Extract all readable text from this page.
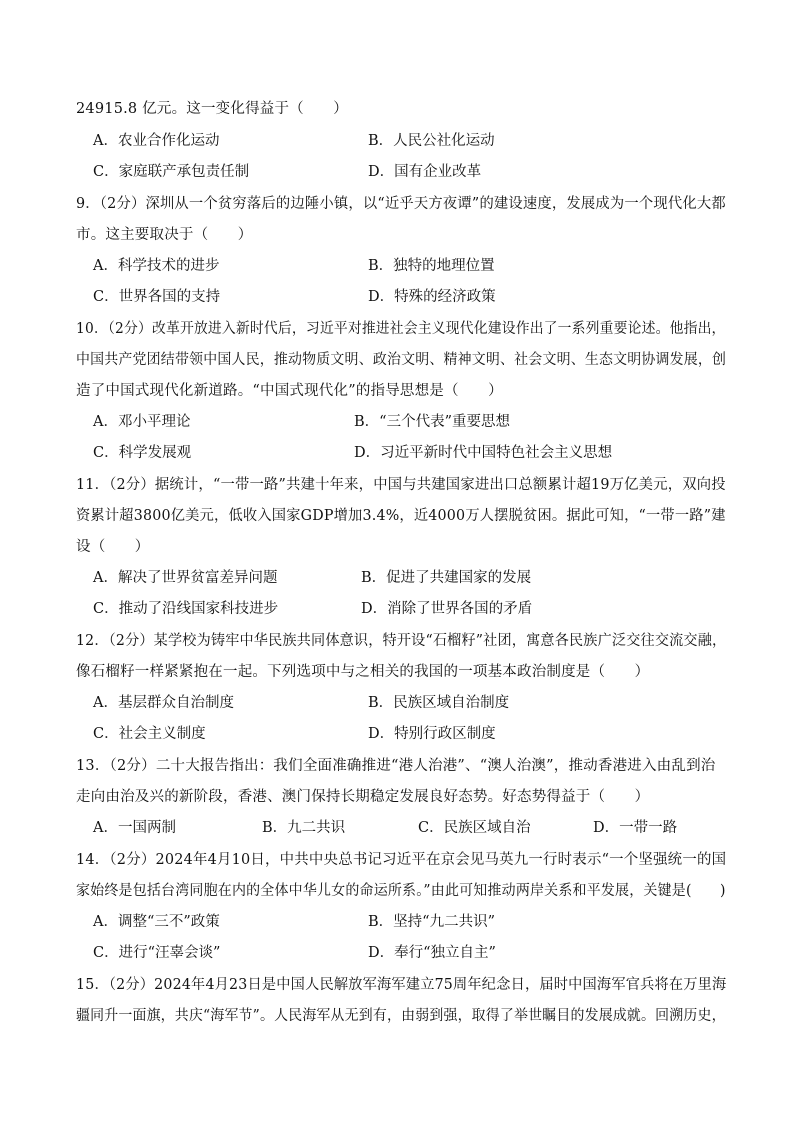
24915.8 亿元。这一变化得益于（　　）
A．农业合作化运动	B．人民公社化运动
C．家庭联产承包责任制	D．国有企业改革
9．（2分）深圳从一个贫穷落后的边陲小镇，以“近乎天方夜谭”的建设速度，发展成为一个现代化大都
市。这主要取决于（　　）
A．科学技术的进步	B．独特的地理位置
C．世界各国的支持	D．特殊的经济政策
10．（2分）改革开放进入新时代后，习近平对推进社会主义现代化建设作出了一系列重要论述。他指出，
中国共产党团结带领中国人民，推动物质文明、政治文明、精神文明、社会文明、生态文明协调发展，创
造了中国式现代化新道路。“中国式现代化”的指导思想是（　　）
A．邓小平理论	B．“三个代表”重要思想
C．科学发展观	D．习近平新时代中国特色社会主义思想
11．（2分）据统计，“一带一路”共建十年来，中国与共建国家进出口总额累计超19万亿美元，双向投
资累计超3800亿美元，低收入国家GDP增加3.4%，近4000万人摆脱贫困。据此可知，“一带一路”建
设（　　）
A．解决了世界贫富差异问题	B．促进了共建国家的发展
C．推动了沿线国家科技进步	D．消除了世界各国的矛盾
12．（2分）某学校为铸牢中华民族共同体意识，特开设“石榴籽”社团，寓意各民族广泛交往交流交融，
像石榴籽一样紧紧抱在一起。下列选项中与之相关的我国的一项基本政治制度是（　　）
A．基层群众自治制度	B．民族区域自治制度
C．社会主义制度	D．特别行政区制度
13．（2分）二十大报告指出：我们全面准确推进“港人治港”、“澳人治澳”，推动香港进入由乱到治
走向由治及兴的新阶段，香港、澳门保持长期稳定发展良好态势。好态势得益于（　　）
A．一国两制	B．九二共识	C．民族区域自治	D．一带一路
14．（2分）2024年4月10日，中共中央总书记习近平在京会见马英九一行时表示“一个坚强统一的国
家始终是包括台湾同胞在内的全体中华儿女的命运所系。”由此可知推动两岸关系和平发展，关键是(　　)
A．调整“三不”政策	B．坚持“九二共识”
C．进行“汪辜会谈”	D．奉行“独立自主”
15．（2分）2024年4月23日是中国人民解放军海军建立75周年纪念日，届时中国海军官兵将在万里海
疆同升一面旗，共庆“海军节”。人民海军从无到有，由弱到强，取得了举世瞩目的发展成就。回溯历史，
